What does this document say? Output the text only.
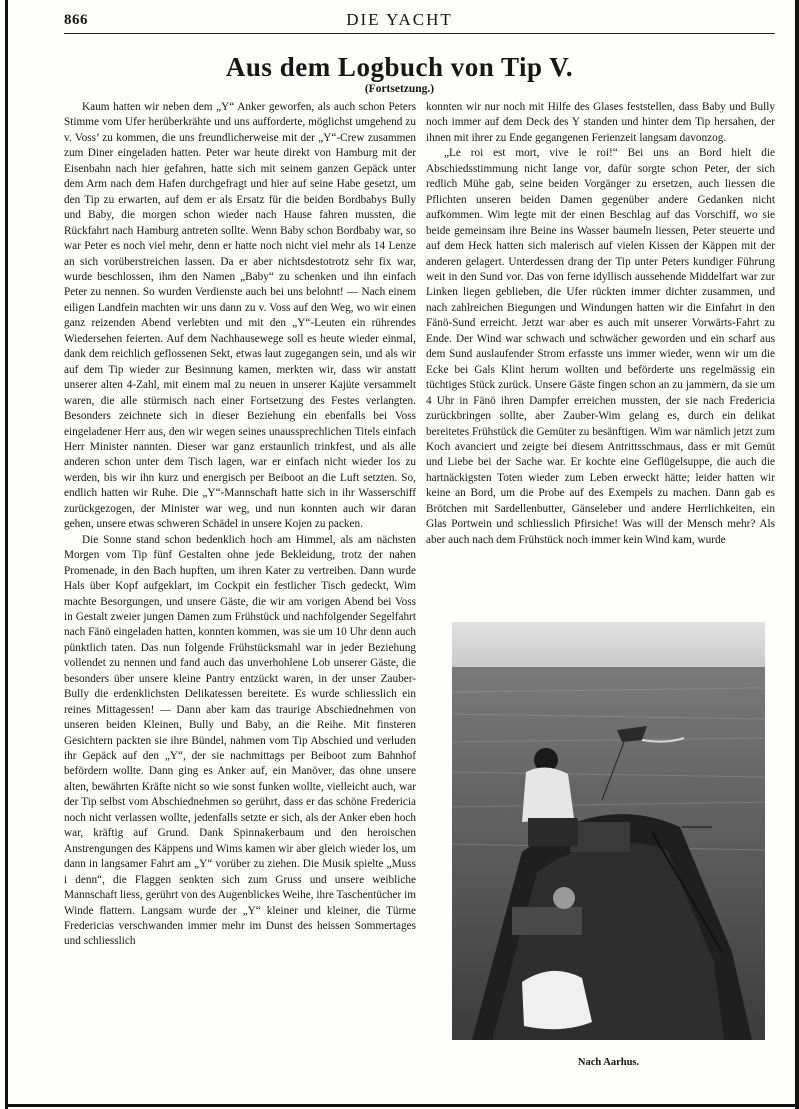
866	DIE YACHT
Aus dem Logbuch von Tip V.
(Fortsetzung.)

Kaum hatten wir neben dem „Y“ Anker geworfen, als auch schon Peters Stimme vom Ufer herüberkrähte und uns aufforderte, möglichst umgehend zu v. Voss’ zu kommen, die uns freundlicherweise mit der „Y“-Crew zusammen zum Diner eingeladen hatten. Peter war heute direkt von Hamburg mit der Eisenbahn nach hier gefahren, hatte sich mit seinem ganzen Gepäck unter dem Arm nach dem Hafen durchgefragt und hier auf seine Habe gesetzt, um den Tip zu erwarten, auf dem er als Ersatz für die beiden Bordbabys Bully und Baby, die morgen schon wieder nach Hause fahren mussten, die Rückfahrt nach Hamburg antreten sollte. Wenn Baby schon Bordbaby war, so war Peter es noch viel mehr, denn er hatte noch nicht viel mehr als 14 Lenze an sich vorüberstreichen lassen. Da er aber nichtsdestotrotz sehr fix war, wurde beschlossen, ihm den Namen „Baby“ zu schenken und ihn einfach Peter zu nennen. So wurden Verdienste auch bei uns belohnt! — Nach einem eiligen Landfein machten wir uns dann zu v. Voss auf den Weg, wo wir einen ganz reizenden Abend verlebten und mit den „Y“-Leuten ein rührendes Wiedersehen feierten. Auf dem Nachhausewege soll es heute wieder einmal, dank dem reichlich geflossenen Sekt, etwas laut zugegangen sein, und als wir auf dem Tip wieder zur Besinnung kamen, merkten wir, dass wir anstatt unserer alten 4-Zahl, mit einem mal zu neuen in unserer Kajüte versammelt waren, die alle stürmisch nach einer Fortsetzung des Festes verlangten. Besonders zeichnete sich in dieser Beziehung ein ebenfalls bei Voss eingeladener Herr aus, den wir wegen seines unaussprechlichen Titels einfach Herr Minister nannten. Dieser war ganz erstaunlich trinkfest, und als alle anderen schon unter dem Tisch lagen, war er einfach nicht wieder los zu werden, bis wir ihn kurz und energisch per Beiboot an die Luft setzten. So, endlich hatten wir Ruhe. Die „Y“-Mannschaft hatte sich in ihr Wasserschiff zurückgezogen, der Minister war weg, und nun konnten auch wir daran gehen, unsere etwas schweren Schädel in unsere Kojen zu packen.

Die Sonne stand schon bedenklich hoch am Himmel, als am nächsten Morgen vom Tip fünf Gestalten ohne jede Bekleidung, trotz der nahen Promenade, in den Bach hupften, um ihren Kater zu vertreiben. Dann wurde Hals über Kopf aufgeklart, im Cockpit ein festlicher Tisch gedeckt, Wim machte Besorgungen, und unsere Gäste, die wir am vorigen Abend bei Voss in Gestalt zweier jungen Damen zum Frühstück und nachfolgender Segelfahrt nach Fänö eingeladen hatten, konnten kommen, was sie um 10 Uhr denn auch pünktlich taten. Das nun folgende Frühstücksmahl war in jeder Beziehung vollendet zu nennen und fand auch das unverhohlene Lob unserer Gäste, die besonders über unsere kleine Pantry entzückt waren, in der unser Zauber-Bully die erdenklichsten Delikatessen bereitete. Es wurde schliesslich ein reines Mittagessen! — Dann aber kam das traurige Abschiednehmen von unseren beiden Kleinen, Bully und Baby, an die Reihe. Mit finsteren Gesichtern packten sie ihre Bündel, nahmen vom Tip Abschied und verluden ihr Gepäck auf den „Y“, der sie nachmittags per Beiboot zum Bahnhof befördern wollte. Dann ging es Anker auf, ein Manöver, das ohne unsere alten, bewährten Kräfte nicht so wie sonst funken wollte, vielleicht auch, war der Tip selbst vom Abschiednehmen so gerührt, dass er das schöne Fredericia noch nicht verlassen wollte, jedenfalls setzte er sich, als der Anker eben hoch war, kräftig auf Grund. Dank Spinnakerbaum und den heroischen Anstrengungen des Käppens und Wims kamen wir aber gleich wieder los, um dann in langsamer Fahrt am „Y“ vorüber zu ziehen. Die Musik spielte „Muss i denn“, die Flaggen senkten sich zum Gruss und unsere weibliche Mannschaft liess, gerührt von des Augenblickes Weihe, ihre Taschentücher im Winde flattern. Langsam wurde der „Y“ kleiner und kleiner, die Türme Fredericias verschwanden immer mehr im Dunst des heissen Sommertages und schliesslich

konnten wir nur noch mit Hilfe des Glases feststellen, dass Baby und Bully noch immer auf dem Deck des Y standen und hinter dem Tip hersahen, der ihnen mit ihrer zu Ende gegangenen Ferienzeit langsam davonzog.

„Le roi est mort, vive le roi!“ Bei uns an Bord hielt die Abschiedsstimmung nicht lange vor, dafür sorgte schon Peter, der sich redlich Mühe gab, seine beiden Vorgänger zu ersetzen, auch liessen die Pflichten unseren beiden Damen gegenüber andere Gedanken nicht aufkommen. Wim legte mit der einen Beschlag auf das Vorschiff, wo sie beide gemeinsam ihre Beine ins Wasser baumeln liessen, Peter steuerte und auf dem Heck hatten sich malerisch auf vielen Kissen der Käppen mit der anderen gelagert. Unterdessen drang der Tip unter Peters kundiger Führung weit in den Sund vor. Das von ferne idyllisch aussehende Middelfart war zur Linken liegen geblieben, die Ufer rückten immer dichter zusammen, und nach zahlreichen Biegungen und Windungen hatten wir die Einfahrt in den Fänö-Sund erreicht. Jetzt war aber es auch mit unserer Vorwärts-Fahrt zu Ende. Der Wind war schwach und schwächer geworden und ein scharf aus dem Sund auslaufender Strom erfasste uns immer wieder, wenn wir um die Ecke bei Gals Klint herum wollten und beförderte uns regelmässig ein tüchtiges Stück zurück. Unsere Gäste fingen schon an zu jammern, da sie um 4 Uhr in Fänö ihren Dampfer erreichen mussten, der sie nach Fredericia zurückbringen sollte, aber Zauber-Wim gelang es, durch ein delikat bereitetes Frühstück die Gemüter zu besänftigen. Wim war nämlich jetzt zum Koch avanciert und zeigte bei diesem Antrittsschmaus, dass er mit Gemüt und Liebe bei der Sache war. Er kochte eine Geflügelsuppe, die auch die hartnäckigsten Toten wieder zum Leben erweckt hätte; leider hatten wir keine an Bord, um die Probe auf des Exempels zu machen. Dann gab es Brötchen mit Sardellenbutter, Gänseleber und andere Herrlichkeiten, ein Glas Portwein und schliesslich Pfirsiche! Was will der Mensch mehr? Als aber auch nach dem Frühstück noch immer kein Wind kam, wurde

Nach Aarhus.
